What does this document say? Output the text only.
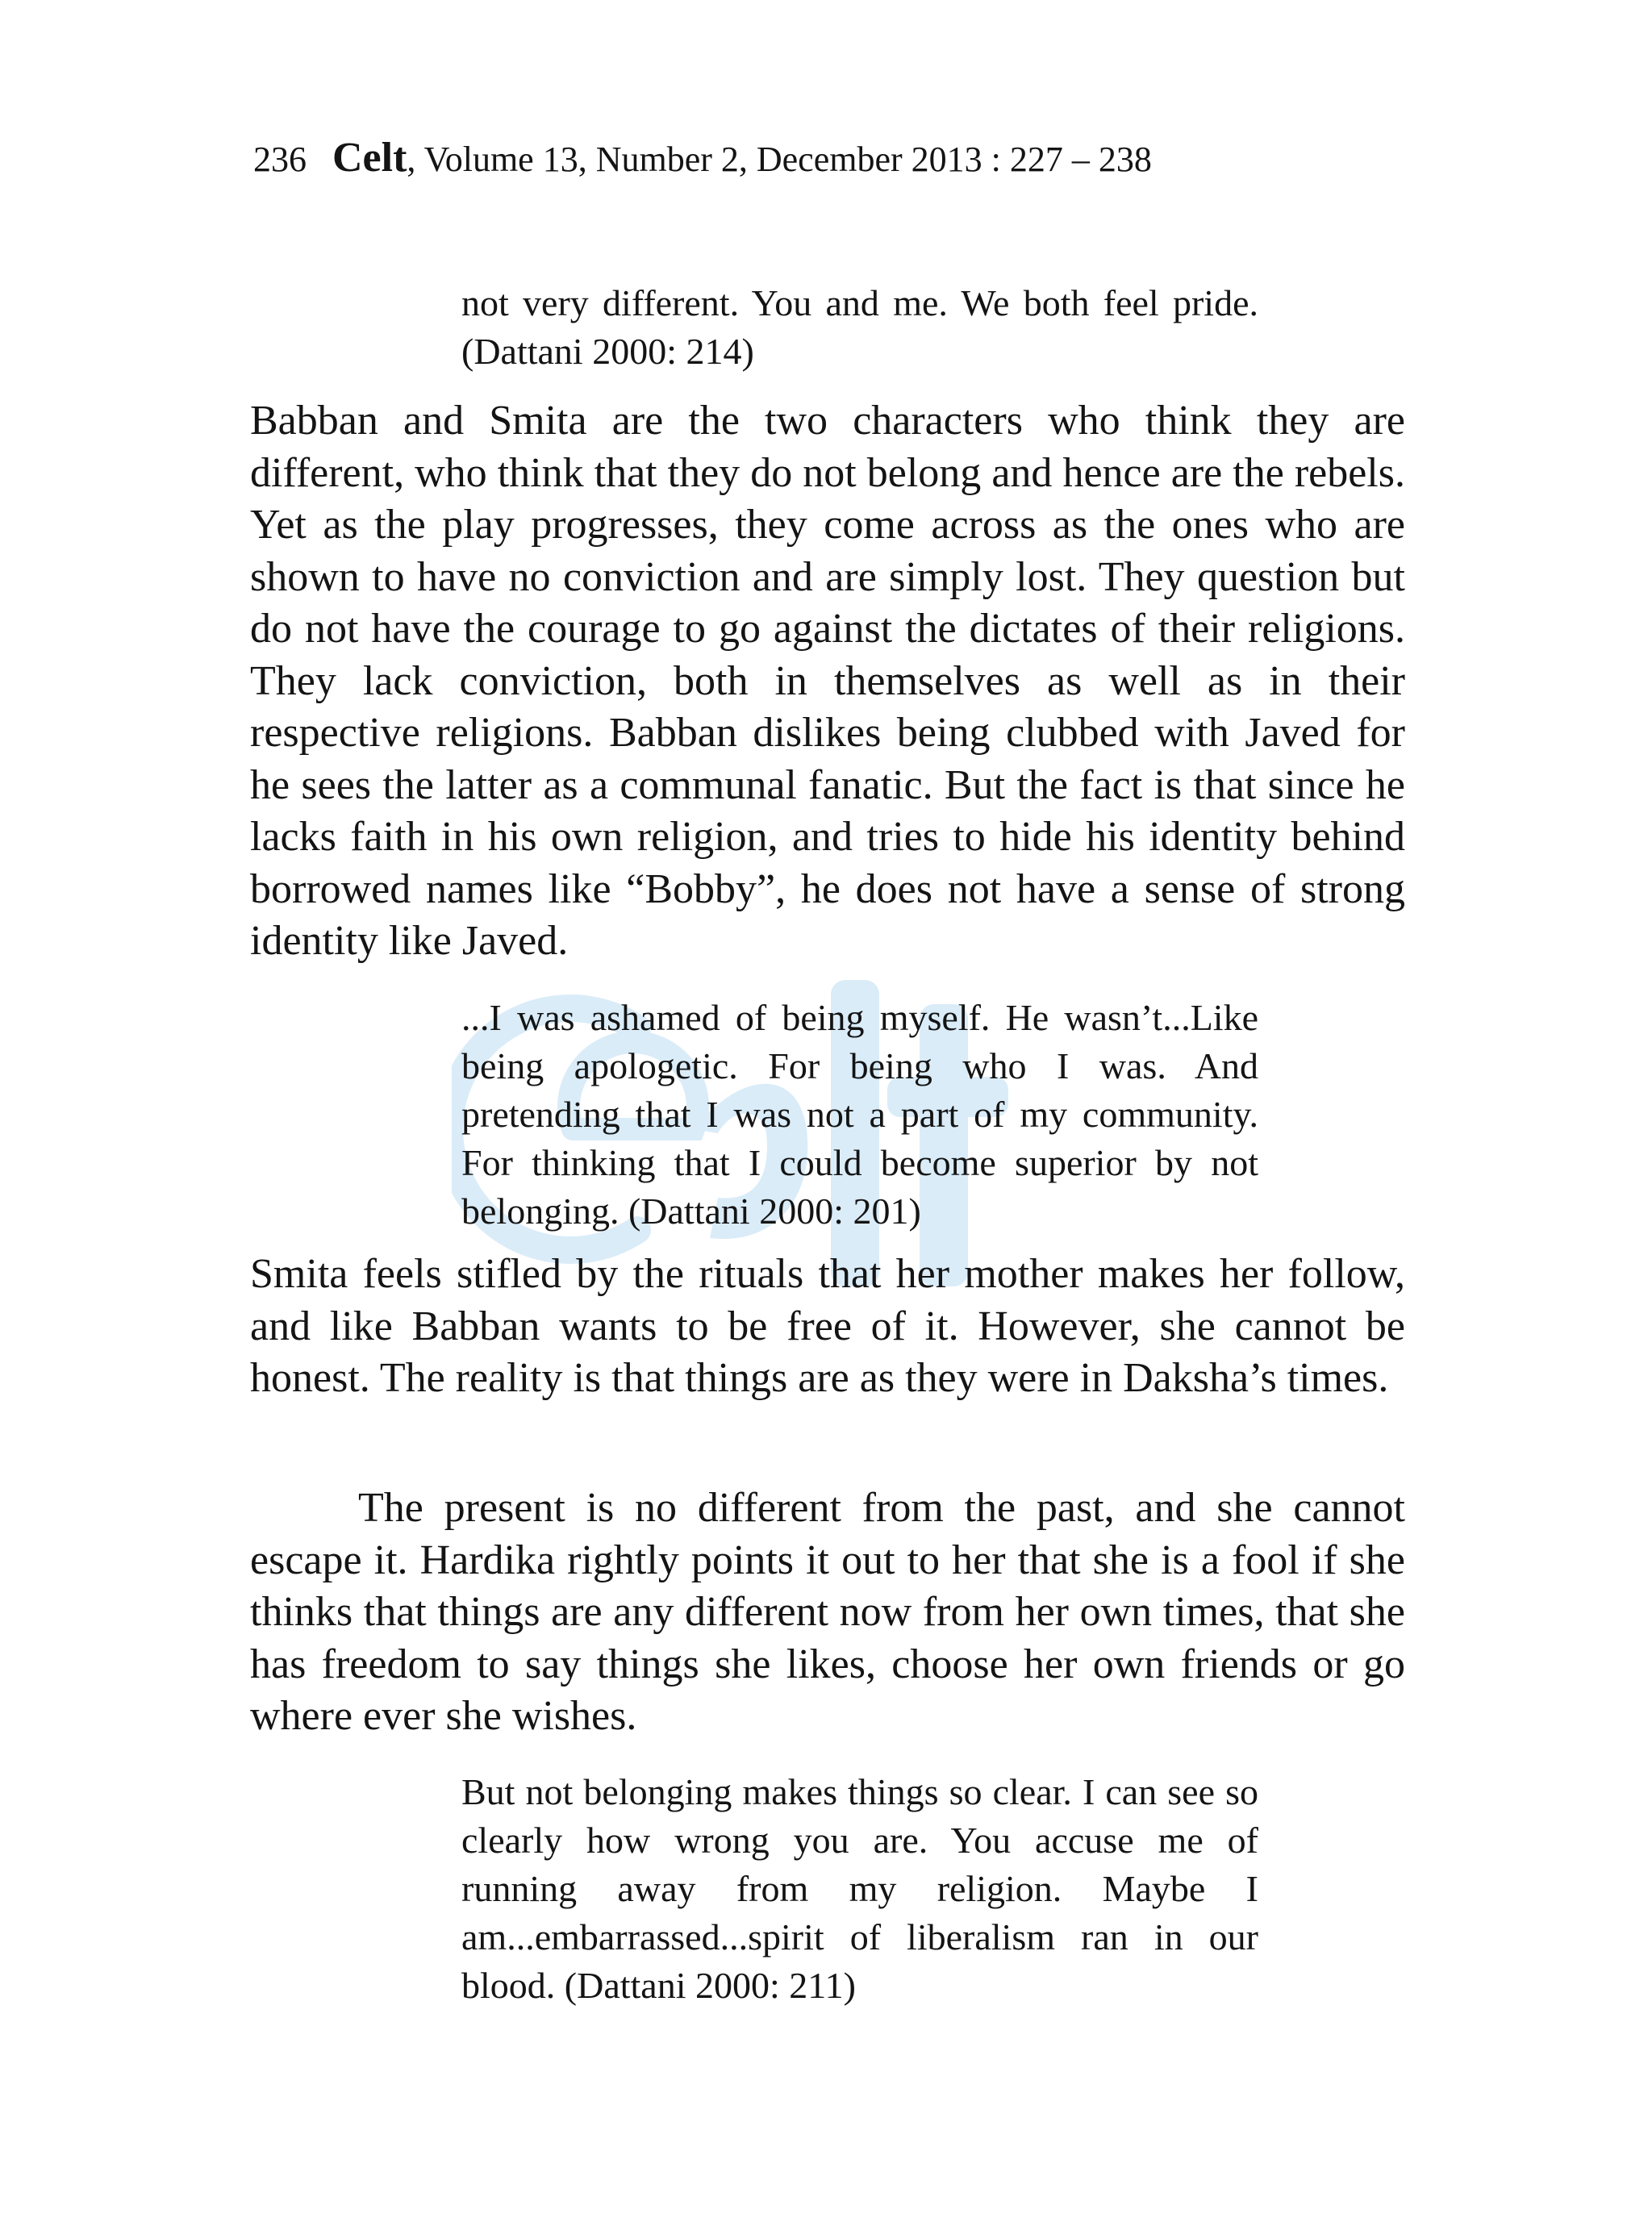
236 Celt, Volume 13, Number 2, December 2013 : 227 – 238
not very different. You and me. We both feel pride. (Dattani 2000: 214)
Babban and Smita are the two characters who think they are different, who think that they do not belong and hence are the rebels. Yet as the play progresses, they come across as the ones who are shown to have no conviction and are simply lost. They question but do not have the courage to go against the dictates of their religions. They lack conviction, both in themselves as well as in their respective religions. Babban dislikes being clubbed with Javed for he sees the latter as a communal fanatic. But the fact is that since he lacks faith in his own religion, and tries to hide his identity behind borrowed names like “Bobby”, he does not have a sense of strong identity like Javed.
...I was ashamed of being myself. He wasn’t...Like being apologetic. For being who I was. And pretending that I was not a part of my community. For thinking that I could become superior by not belonging. (Dattani 2000: 201)
Smita feels stifled by the rituals that her mother makes her follow, and like Babban wants to be free of it. However, she cannot be honest. The reality is that things are as they were in Daksha’s times.
The present is no different from the past, and she cannot escape it. Hardika rightly points it out to her that she is a fool if she thinks that things are any different now from her own times, that she has freedom to say things she likes, choose her own friends or go where ever she wishes.
But not belonging makes things so clear. I can see so clearly how wrong you are. You accuse me of running away from my religion. Maybe I am...embarrassed...spirit of liberalism ran in our blood. (Dattani 2000: 211)
